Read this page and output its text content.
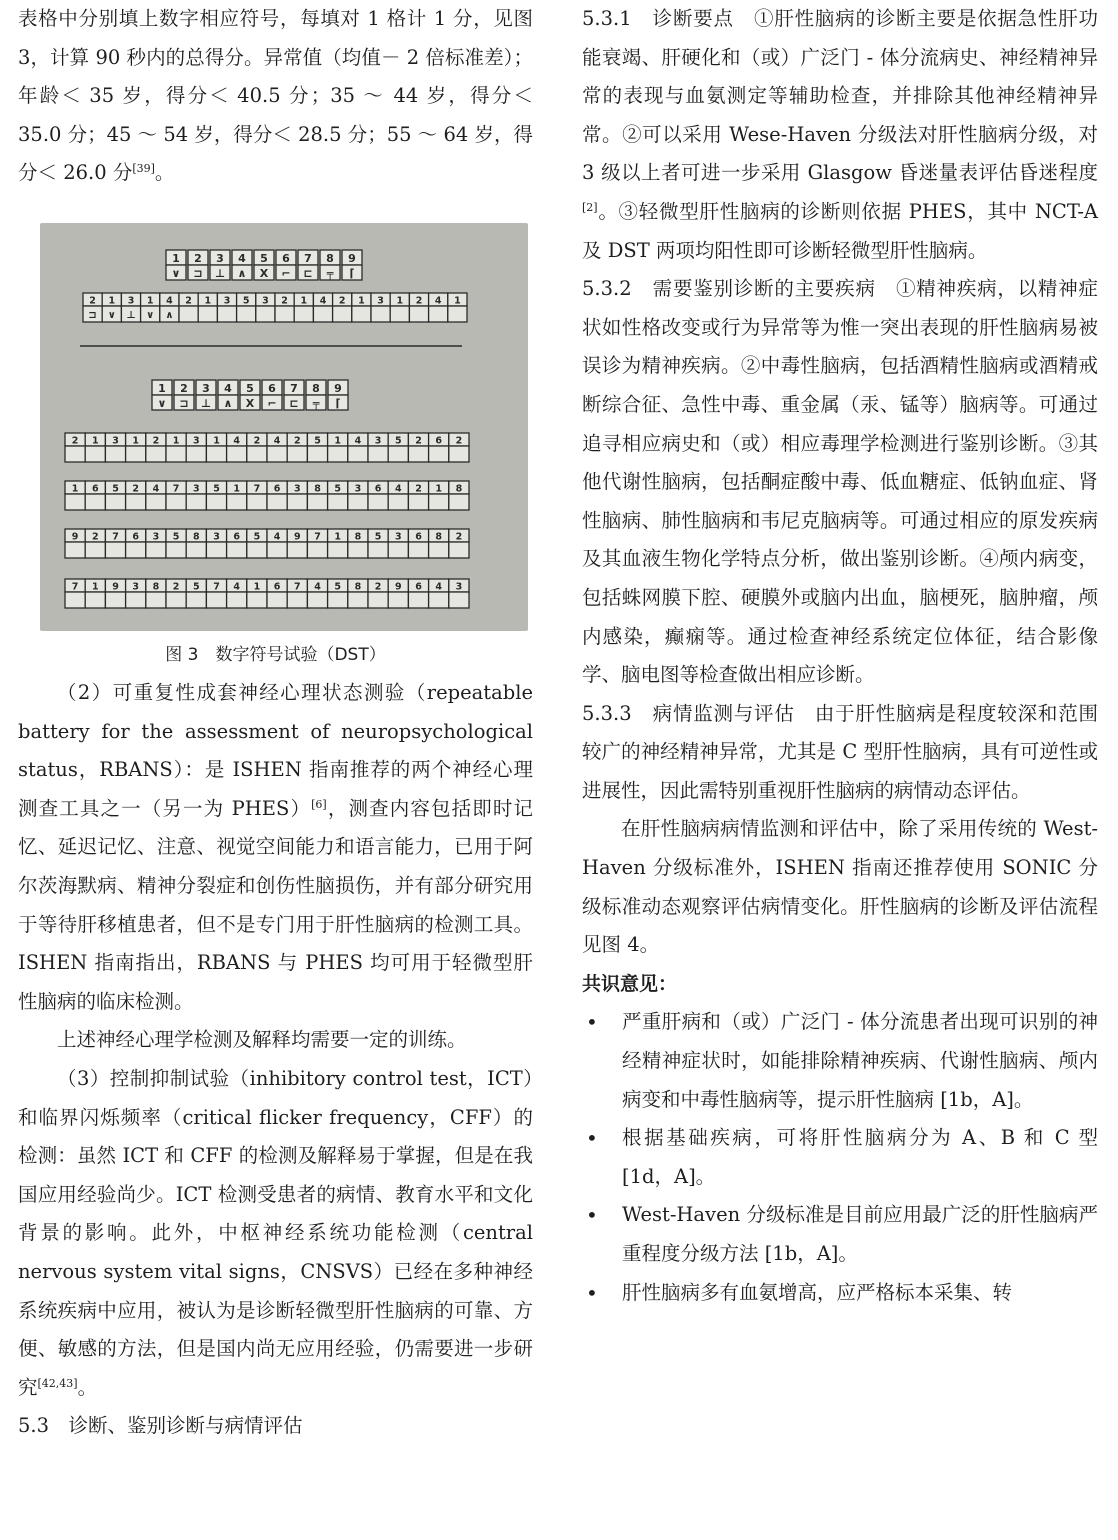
表格中分别填上数字相应符号，每填对 1 格计 1 分，见图 3，计算 90 秒内的总得分。异常值（均值－ 2 倍标准差）；年龄＜ 35 岁，得分＜ 40.5 分；35 ～ 44 岁，得分＜ 35.0 分；45 ～ 54 岁，得分＜ 28.5 分；55 ～ 64 岁，得分＜ 26.0 分[39]。

1
∨
2
⊐
3
⊥
4
∧
5
X
6
⌐
7
⊏
8
╤
9
⌈
2
⊐
1
∨
3
⊥
1
∨
4
∧
2 1 3 5 3 2 1 4 2 1 3 1 2 4 1
1
∨
2
⊐
3
⊥
4
∧
5
X
6
⌐
7
⊏
8
╤
9
⌈
2 1 3 1 2 1 3 1 4 2 4 2 5 1 4 3 5 2 6 2
1 6 5 2 4 7 3 5 1 7 6 3 8 5 3 6 4 2 1 8
9 2 7 6 3 5 8 3 6 5 4 9 7 1 8 5 3 6 8 2
7 1 9 3 8 2 5 7 4 1 6 7 4 5 8 2 9 6 4 3
图 3　数字符号试验（DST）

（2）可重复性成套神经心理状态测验（repeatable battery for the assessment of neuropsychological status，RBANS）：是 ISHEN 指南推荐的两个神经心理测查工具之一（另一为 PHES）[6]，测查内容包括即时记忆、延迟记忆、注意、视觉空间能力和语言能力，已用于阿尔茨海默病、精神分裂症和创伤性脑损伤，并有部分研究用于等待肝移植患者，但不是专门用于肝性脑病的检测工具。ISHEN 指南指出，RBANS 与 PHES 均可用于轻微型肝性脑病的临床检测。

上述神经心理学检测及解释均需要一定的训练。

（3）控制抑制试验（inhibitory control test，ICT）和临界闪烁频率（critical flicker frequency，CFF）的检测：虽然 ICT 和 CFF 的检测及解释易于掌握，但是在我国应用经验尚少。ICT 检测受患者的病情、教育水平和文化背景的影响。此外，中枢神经系统功能检测（central nervous system vital signs，CNSVS）已经在多种神经系统疾病中应用，被认为是诊断轻微型肝性脑病的可靠、方便、敏感的方法，但是国内尚无应用经验，仍需要进一步研究[42,43]。

5.3　诊断、鉴别诊断与病情评估

5.3.1　诊断要点　①肝性脑病的诊断主要是依据急性肝功能衰竭、肝硬化和（或）广泛门 - 体分流病史、神经精神异常的表现与血氨测定等辅助检查，并排除其他神经精神异常。②可以采用 Wese-Haven 分级法对肝性脑病分级，对 3 级以上者可进一步采用 Glasgow 昏迷量表评估昏迷程度[2]。③轻微型肝性脑病的诊断则依据 PHES，其中 NCT-A 及 DST 两项均阳性即可诊断轻微型肝性脑病。

5.3.2　需要鉴别诊断的主要疾病　①精神疾病，以精神症状如性格改变或行为异常等为惟一突出表现的肝性脑病易被误诊为精神疾病。②中毒性脑病，包括酒精性脑病或酒精戒断综合征、急性中毒、重金属（汞、锰等）脑病等。可通过追寻相应病史和（或）相应毒理学检测进行鉴别诊断。③其他代谢性脑病，包括酮症酸中毒、低血糖症、低钠血症、肾性脑病、肺性脑病和韦尼克脑病等。可通过相应的原发疾病及其血液生物化学特点分析，做出鉴别诊断。④颅内病变，包括蛛网膜下腔、硬膜外或脑内出血，脑梗死，脑肿瘤，颅内感染，癫痫等。通过检查神经系统定位体征，结合影像学、脑电图等检查做出相应诊断。

5.3.3　病情监测与评估　由于肝性脑病是程度较深和范围较广的神经精神异常，尤其是 C 型肝性脑病，具有可逆性或进展性，因此需特别重视肝性脑病的病情动态评估。

在肝性脑病病情监测和评估中，除了采用传统的 West-Haven 分级标准外，ISHEN 指南还推荐使用 SONIC 分级标准动态观察评估病情变化。肝性脑病的诊断及评估流程见图 4。

共识意见：

• 严重肝病和（或）广泛门 - 体分流患者出现可识别的神经精神症状时，如能排除精神疾病、代谢性脑病、颅内病变和中毒性脑病等，提示肝性脑病 [1b，A]。
• 根据基础疾病，可将肝性脑病分为 A、B 和 C 型 [1d，A]。
• West-Haven 分级标准是目前应用最广泛的肝性脑病严重程度分级方法 [1b，A]。
• 肝性脑病多有血氨增高，应严格标本采集、转
